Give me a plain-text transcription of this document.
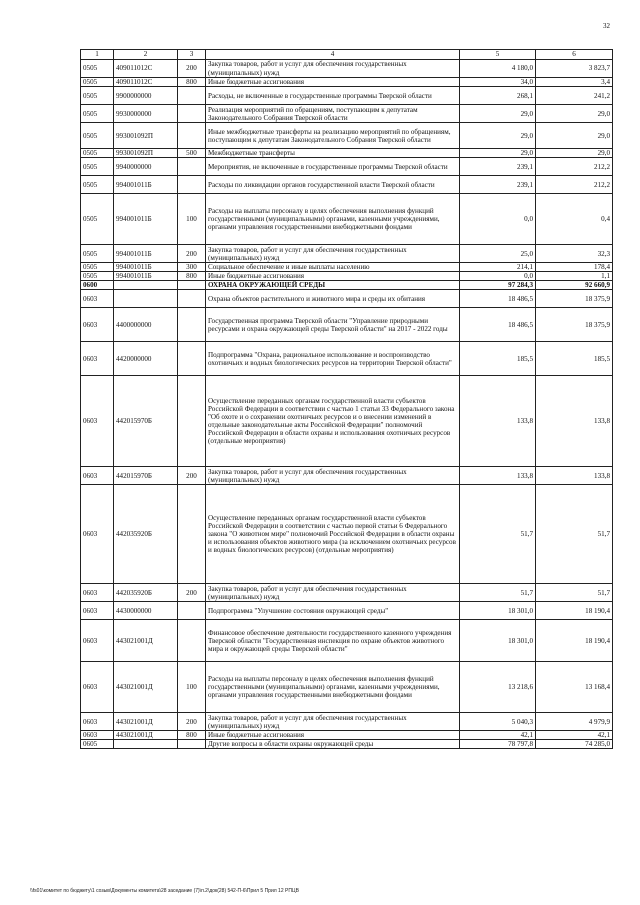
32
1	2	3	4	5	6
0505	409011012С	200	Закупка товаров, работ и услуг для обеспечения государственных (муниципальных) нужд	4 180,0	3 823,7
0505	409011012С	800	Иные бюджетные ассигнования	34,0	3,4
0505	9900000000		Расходы, не включенные в государственные программы Тверской области	268,1	241,2
0505	9930000000		Реализация мероприятий по обращениям, поступающим к депутатам Законодательного Собрания Тверской области	29,0	29,0
0505	993001092П		Иные межбюджетные трансферты на реализацию мероприятий по обращениям, поступающим к депутатам Законодательного Собрания Тверской области	29,0	29,0
0505	993001092П	500	Межбюджетные трансферты	29,0	29,0
0505	9940000000		Мероприятия, не включенные в государственные программы Тверской области	239,1	212,2
0505	994001011Б		Расходы по ликвидации органов государственной власти Тверской области	239,1	212,2
0505	994001011Б	100	Расходы на выплаты персоналу в целях обеспечения выполнения функций государственными (муниципальными) органами, казенными учреждениями, органами управления государственными внебюджетными фондами	0,0	0,4
0505	994001011Б	200	Закупка товаров, работ и услуг для обеспечения государственных (муниципальных) нужд	25,0	32,3
0505	994001011Б	300	Социальное обеспечение и иные выплаты населению	214,1	178,4
0505	994001011Б	800	Иные бюджетные ассигнования	0,0	1,1
0600			ОХРАНА ОКРУЖАЮЩЕЙ СРЕДЫ	97 284,3	92 660,9
0603			Охрана объектов растительного и животного мира и среды их обитания	18 486,5	18 375,9
0603	4400000000		Государственная программа Тверской области "Управление природными ресурсами и охрана окружающей среды Тверской области" на 2017 - 2022 годы	18 486,5	18 375,9
0603	4420000000		Подпрограмма "Охрана, рациональное использование и воспроизводство охотничьих и водных биологических ресурсов на территории Тверской области"	185,5	185,5
0603	442015970Б		Осуществление переданных органам государственной власти субъектов Российской Федерации в соответствии с частью 1 статьи 33 Федерального закона "Об охоте и о сохранении охотничьих ресурсов и о внесении изменений в отдельные законодательные акты Российской Федерации" полномочий Российской Федерации в области охраны и использования охотничьих ресурсов (отдельные мероприятия)	133,8	133,8
0603	442015970Б	200	Закупка товаров, работ и услуг для обеспечения государственных (муниципальных) нужд	133,8	133,8
0603	442035920Б		Осуществление переданных органам государственной власти субъектов Российской Федерации в соответствии с частью первой статьи 6 Федерального закона "О животном мире" полномочий Российской Федерации в области охраны и использования объектов животного мира (за исключением охотничьих ресурсов и водных биологических ресурсов) (отдельные мероприятия)	51,7	51,7
0603	442035920Б	200	Закупка товаров, работ и услуг для обеспечения государственных (муниципальных) нужд	51,7	51,7
0603	4430000000		Подпрограмма "Улучшение состояния окружающей среды"	18 301,0	18 190,4
0603	443021001Д		Финансовое обеспечение деятельности государственного казенного учреждения Тверской области "Государственная инспекция по охране объектов животного мира и окружающей среды Тверской области"	18 301,0	18 190,4
0603	443021001Д	100	Расходы на выплаты персоналу в целях обеспечения выполнения функций государственными (муниципальными) органами, казенными учреждениями, органами управления государственными внебюджетными фондами	13 218,6	13 168,4
0603	443021001Д	200	Закупка товаров, работ и услуг для обеспечения государственных (муниципальных) нужд	5 040,3	4 979,9
0603	443021001Д	800	Иные бюджетные ассигнования	42,1	42,1
0605			Другие вопросы в области охраны окружающей среды	78 797,8	74 285,0
\\fs01\комитет по бюджету\1 созыв\Документы комитета\28 заседание (7)\п.2\док(28) 542-П-6\Прил 5 Прил 12 РПЦВ
